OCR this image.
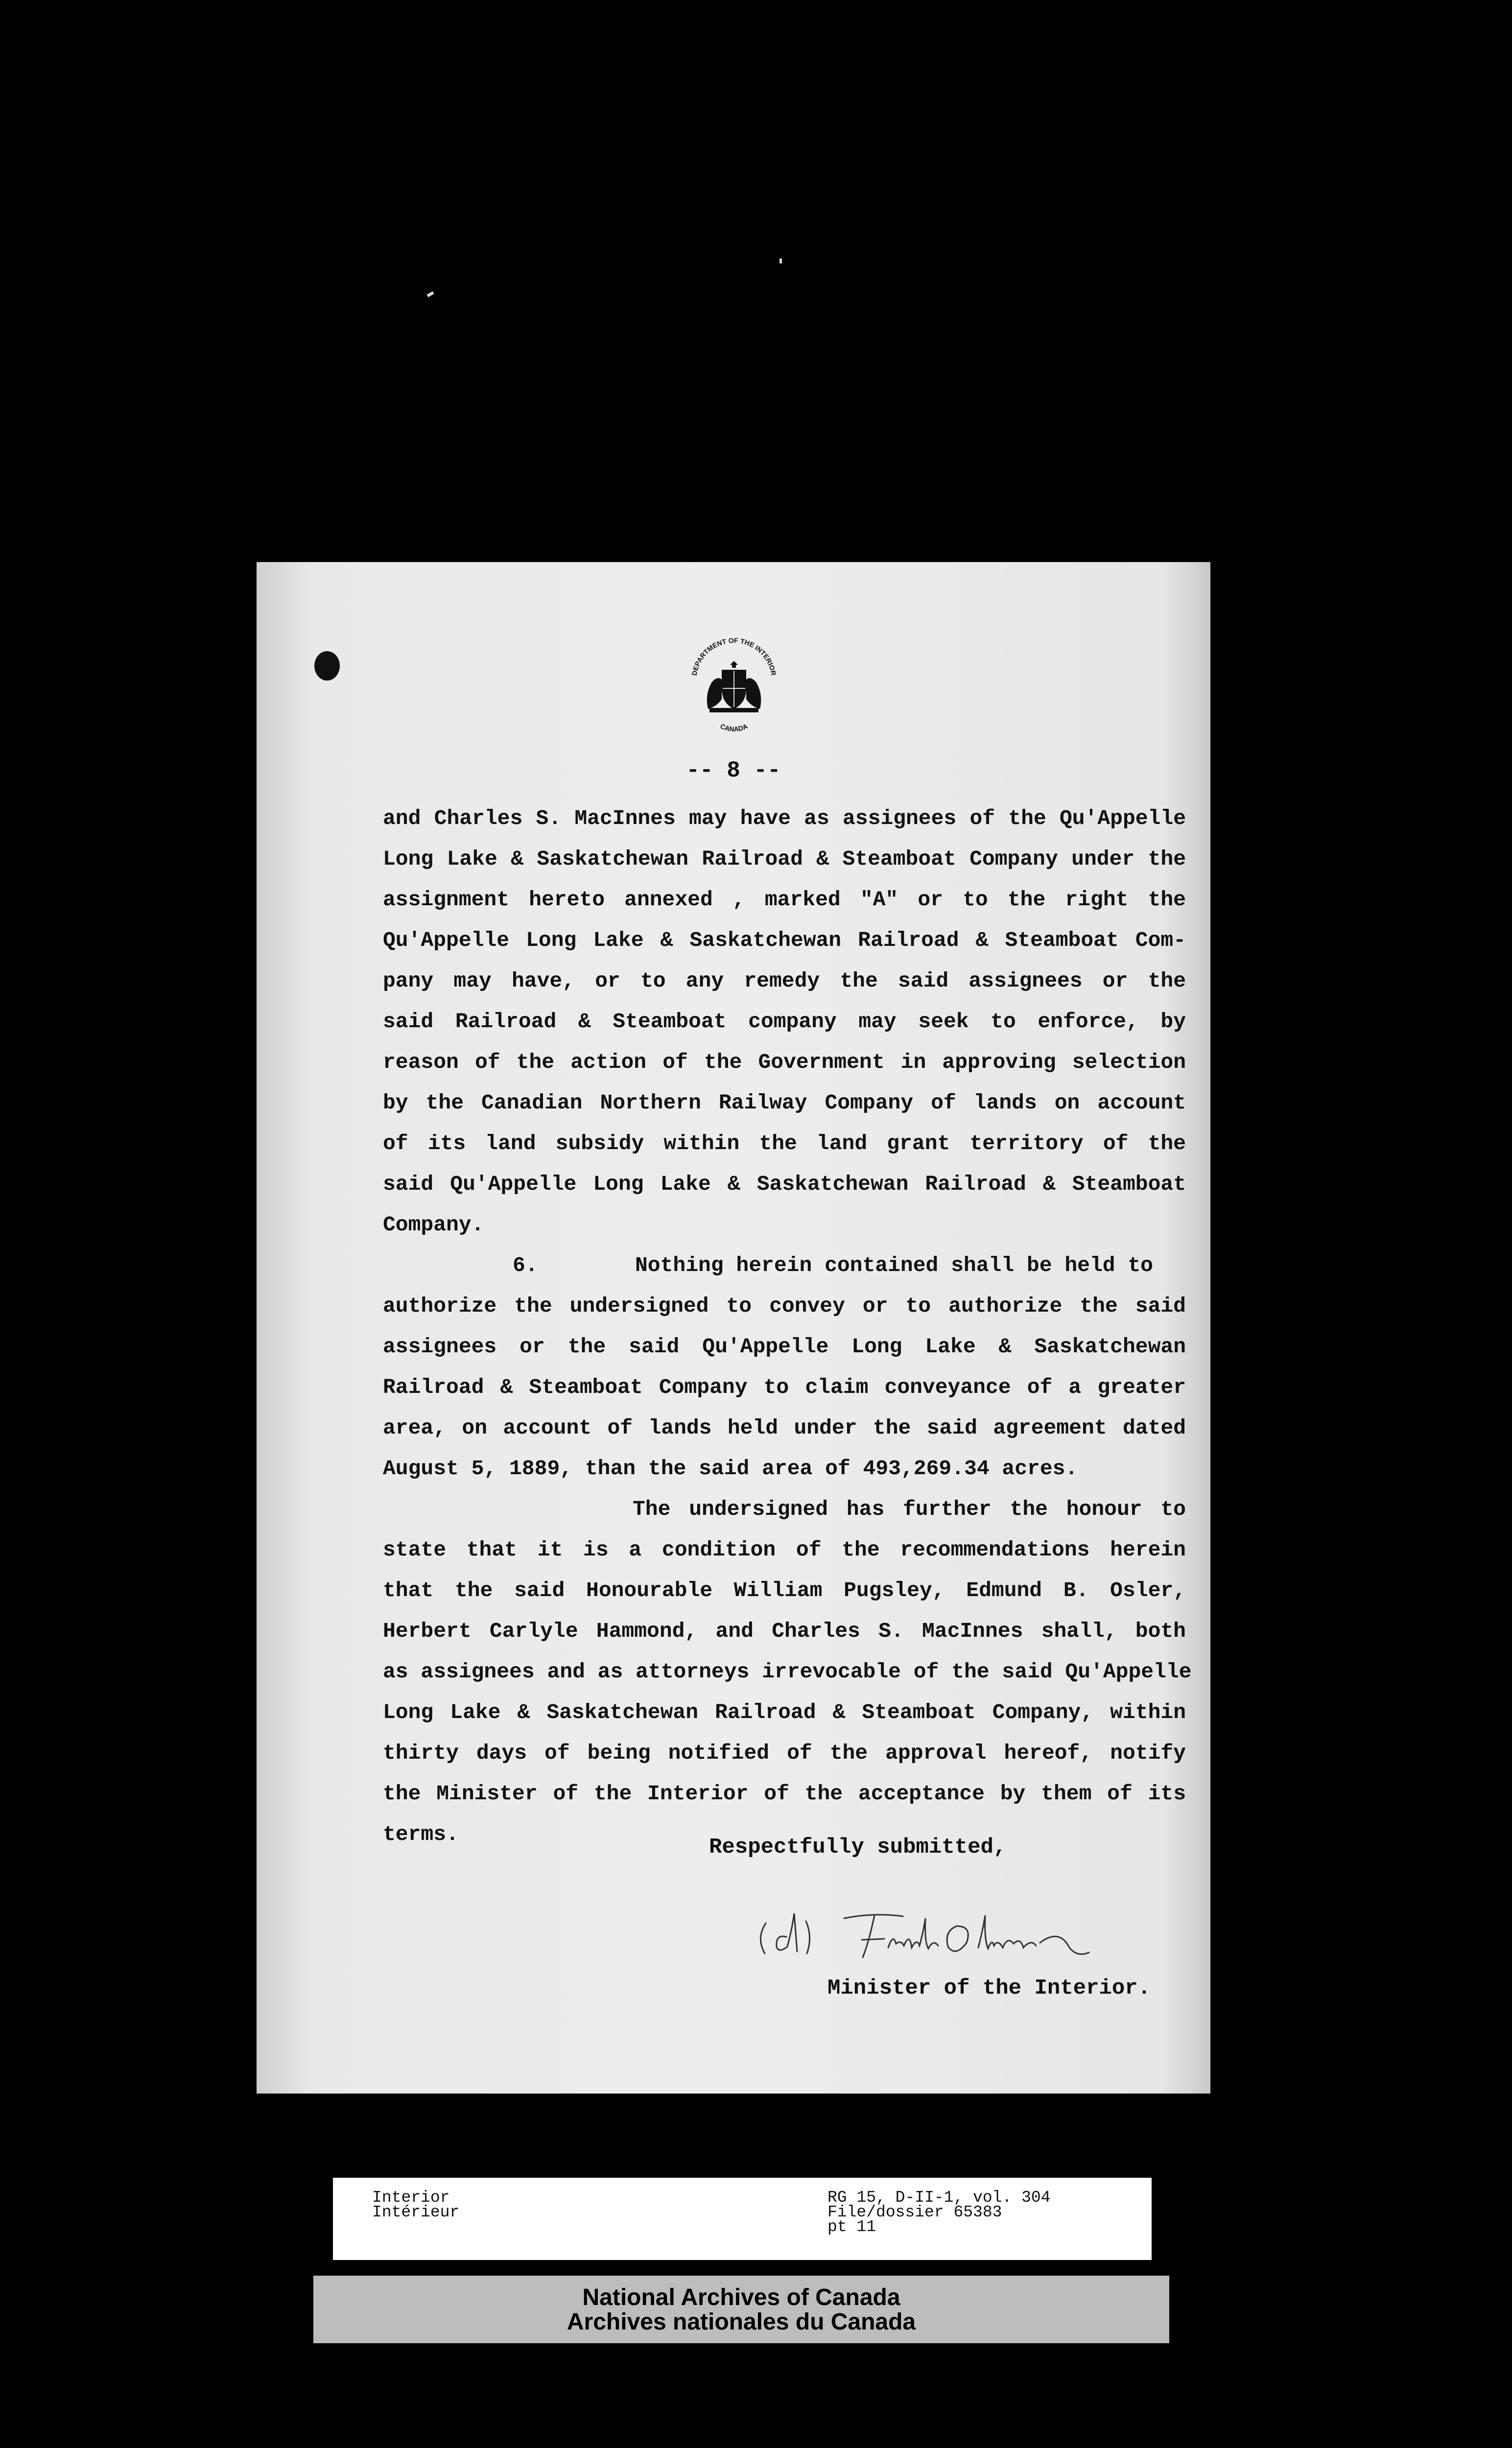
DEPARTMENT OF THE INTERIOR
CANADA
-- 8 --
and Charles S. MacInnes may have as assignees of the Qu'Appelle
Long Lake & Saskatchewan Railroad & Steamboat Company under the
assignment hereto annexed , marked "A" or to the right the
Qu'Appelle Long Lake & Saskatchewan Railroad & Steamboat Com-
pany may have, or to any remedy the said assignees or the
said Railroad & Steamboat company may seek to enforce, by
reason of the action of the Government in approving selection
by the Canadian Northern Railway Company of lands on account
of its land subsidy within the land grant territory of the
said Qu'Appelle Long Lake & Saskatchewan Railroad & Steamboat
Company.
6.	Nothing herein contained shall be held to
authorize the undersigned to convey or to authorize the said
assignees or the said Qu'Appelle Long Lake & Saskatchewan
Railroad & Steamboat Company to claim conveyance of a greater
area, on account of lands held under the said agreement dated
August 5, 1889, than the said area of 493,269.34 acres.
The undersigned has further the honour to
state that it is a condition of the recommendations herein
that the said Honourable William Pugsley, Edmund B. Osler,
Herbert Carlyle Hammond, and Charles S. MacInnes shall, both
as assignees and as attorneys irrevocable of the said Qu'Appelle
Long Lake & Saskatchewan Railroad & Steamboat Company, within
thirty days of being notified of the approval hereof, notify
the Minister of the Interior of the acceptance by them of its
terms.
Respectfully submitted,
Minister of the Interior.
Interior
Intérieur
RG 15, D-II-1, vol. 304
File/dossier 65383
pt 11
National Archives of Canada
Archives nationales du Canada
